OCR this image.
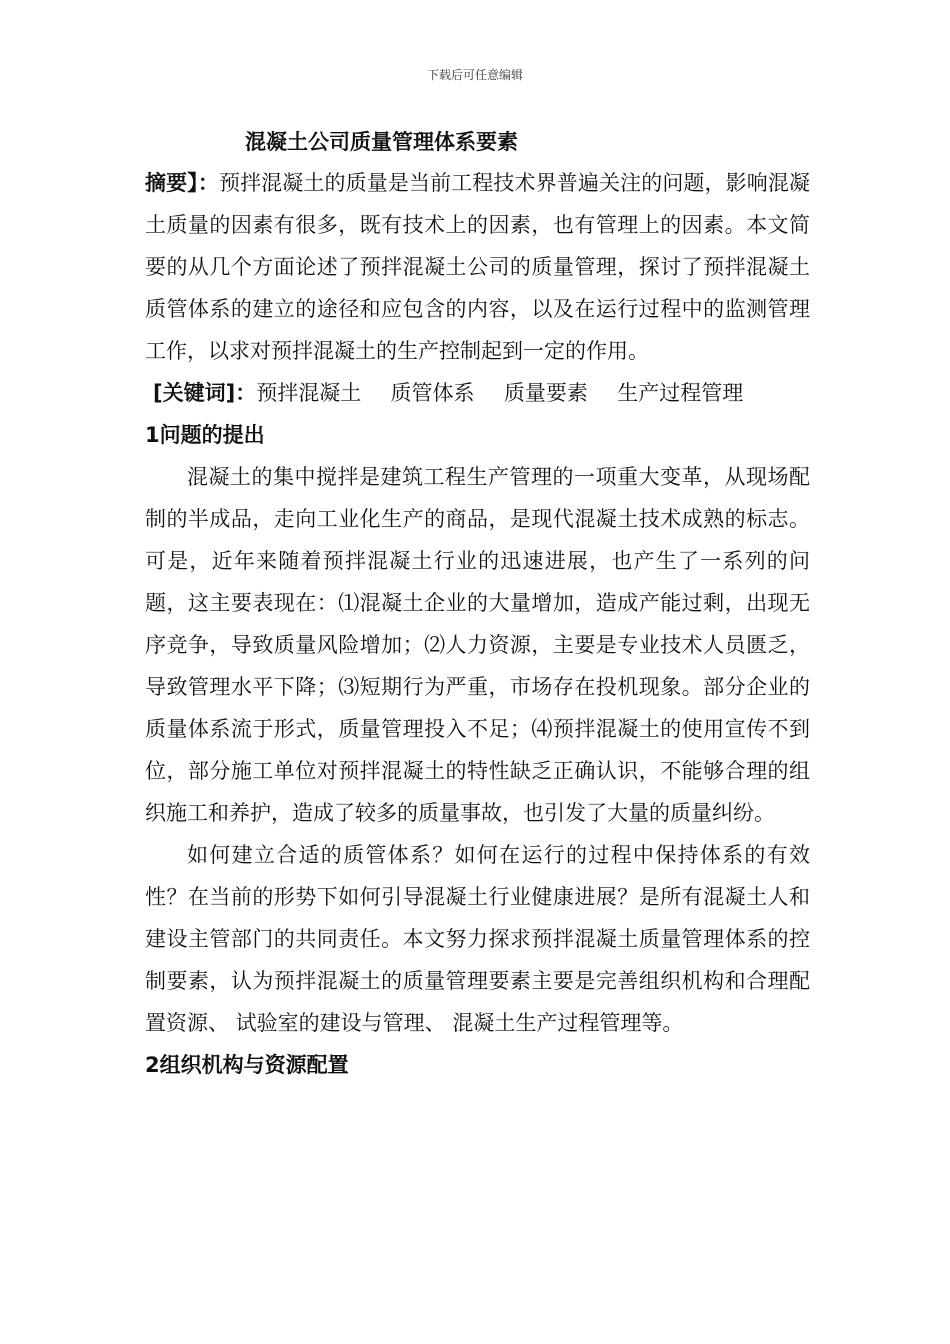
下载后可任意编辑
混凝土公司质量管理体系要素

摘要】：预拌混凝土的质量是当前工程技术界普遍关注的问题，影响混凝土质量的因素有很多，既有技术上的因素，也有管理上的因素。本文简要的从几个方面论述了预拌混凝土公司的质量管理，探讨了预拌混凝土质管体系的建立的途径和应包含的内容，以及在运行过程中的监测管理工作，以求对预拌混凝土的生产控制起到一定的作用。

[关键词]：预拌混凝土  质管体系  质量要素  生产过程管理

1问题的提出

混凝土的集中搅拌是建筑工程生产管理的一项重大变革，从现场配制的半成品，走向工业化生产的商品，是现代混凝土技术成熟的标志。可是，近年来随着预拌混凝土行业的迅速进展，也产生了一系列的问题，这主要表现在：⑴混凝土企业的大量增加，造成产能过剩，出现无序竞争，导致质量风险增加；⑵人力资源，主要是专业技术人员匮乏，导致管理水平下降；⑶短期行为严重，市场存在投机现象。部分企业的质量体系流于形式，质量管理投入不足；⑷预拌混凝土的使用宣传不到位，部分施工单位对预拌混凝土的特性缺乏正确认识，不能够合理的组织施工和养护，造成了较多的质量事故，也引发了大量的质量纠纷。

如何建立合适的质管体系？如何在运行的过程中保持体系的有效性？在当前的形势下如何引导混凝土行业健康进展？是所有混凝土人和建设主管部门的共同责任。本文努力探求预拌混凝土质量管理体系的控制要素，认为预拌混凝土的质量管理要素主要是完善组织机构和合理配置资源、 试验室的建设与管理、 混凝土生产过程管理等。

2组织机构与资源配置
